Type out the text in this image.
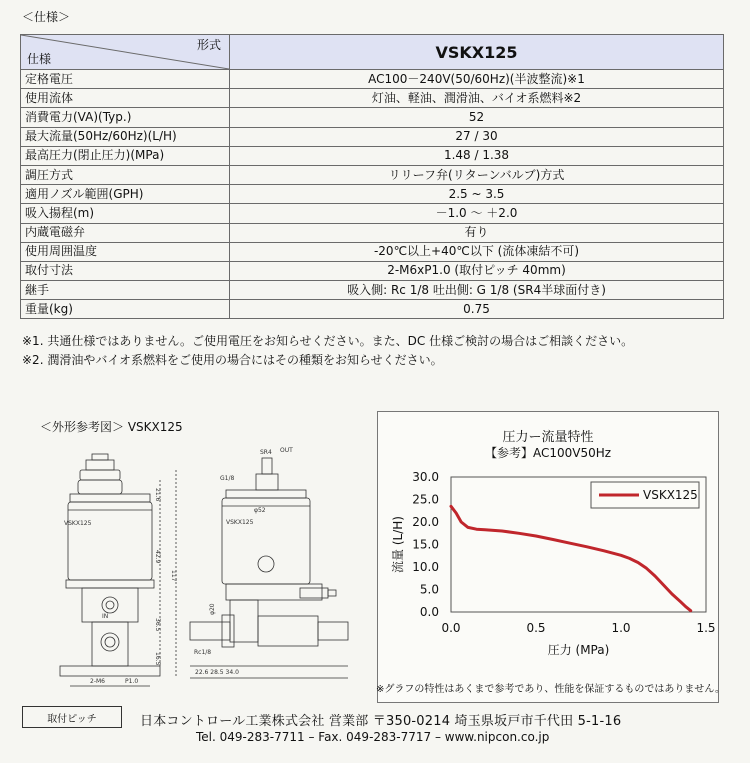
＜仕様＞
形式
仕様	VSKX125
定格電圧	AC100－240V(50/60Hz)(半波整流)※1
使用流体	灯油、軽油、潤滑油、バイオ系燃料※2
消費電力(VA)(Typ.)	52
最大流量(50Hz/60Hz)(L/H)	27 / 30
最高圧力(閉止圧力)(MPa)	1.48 / 1.38
調圧方式	リリーフ弁(リターンバルブ)方式
適用ノズル範囲(GPH)	2.5 ~ 3.5
吸入揚程(m)	－1.0 ～ ＋2.0
内蔵電磁弁	有り
使用周囲温度	-20℃以上+40℃以下 (流体凍結不可)
取付寸法	2-M6xP1.0 (取付ピッチ 40mm)
継手	吸入側: Rc 1/8 吐出側: G 1/8 (SR4半球面付き)
重量(kg)	0.75
※1. 共通仕様ではありません。ご使用電圧をお知らせください。また、DC 仕様ご検討の場合はご相談ください。
※2. 潤滑油やバイオ系燃料をご使用の場合にはその種類をお知らせください。
＜外形参考図＞ VSKX125
VSKX125
42.9
36.5
21.6
117
16.5
2-M6	P1.0
IN
SR4 OUT
G1/8
φ52
VSKX125
φ20
Rc1/8
22.6 28.5 34.0
0.0
5.0
10.0
15.0
20.0
25.0
30.0
0.0	0.5	1.0	1.5
圧力 (MPa)
流量 (L/H)
VSKX125
圧力ー流量特性
【参考】AC100V50Hz
※グラフの特性はあくまで参考であり、性能を保証するものではありません。
取付ピッチ	日本コントロール工業株式会社 営業部 〒350-0214 埼玉県坂戸市千代田 5-1-16
Tel. 049-283-7711 – Fax. 049-283-7717 – www.nipcon.co.jp
